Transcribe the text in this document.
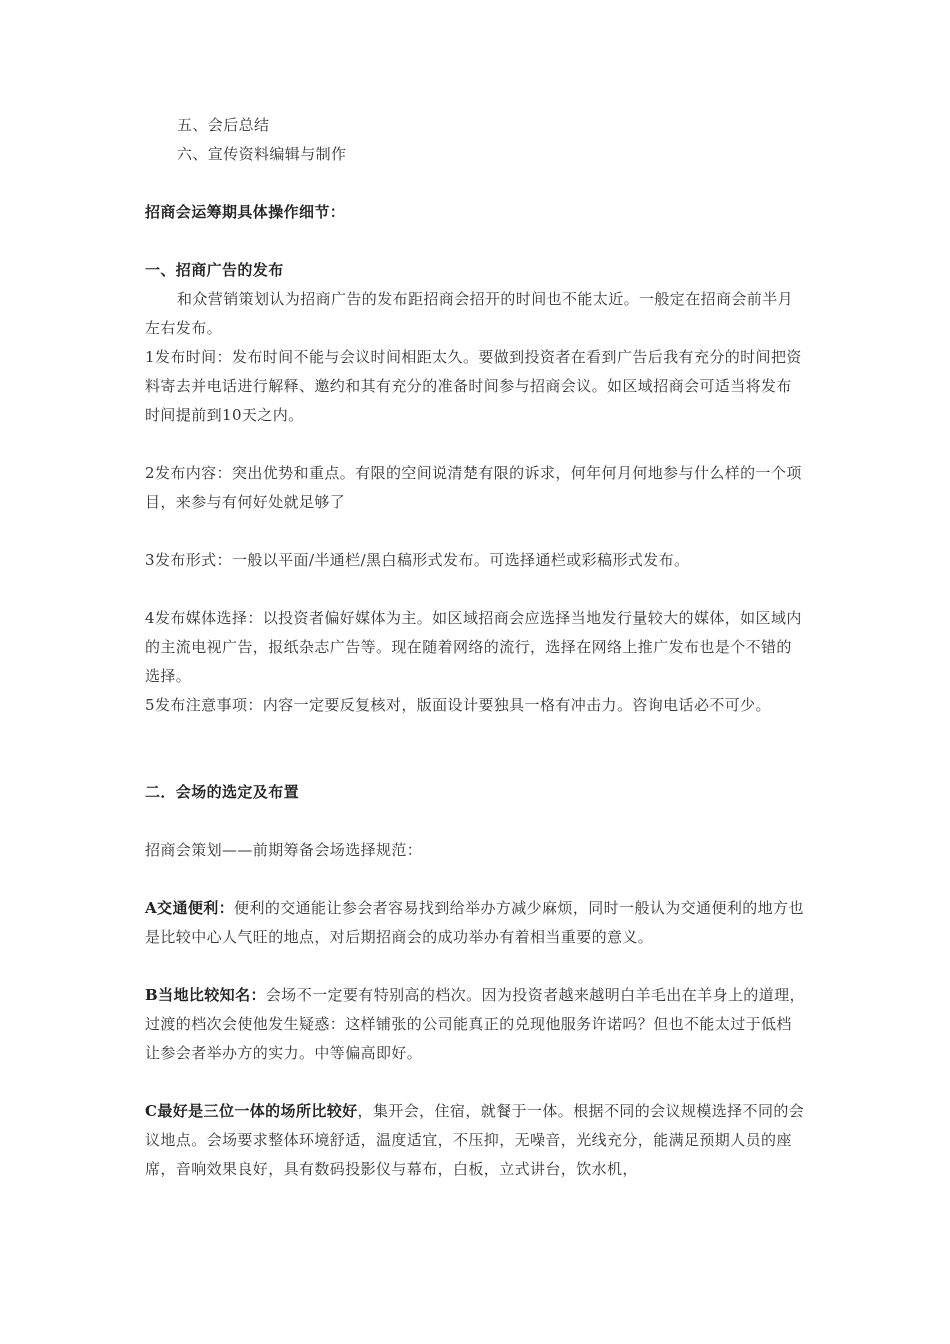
五、会后总结

六、宣传资料编辑与制作

招商会运筹期具体操作细节：

一、招商广告的发布

和众营销策划认为招商广告的发布距招商会招开的时间也不能太近。一般定在招商会前半月左右发布。

1发布时间：发布时间不能与会议时间相距太久。要做到投资者在看到广告后我有充分的时间把资料寄去并电话进行解释、邀约和其有充分的准备时间参与招商会议。如区域招商会可适当将发布时间提前到10天之内。

2发布内容：突出优势和重点。有限的空间说清楚有限的诉求，何年何月何地参与什么样的一个项目，来参与有何好处就足够了

3发布形式：一般以平面/半通栏/黑白稿形式发布。可选择通栏或彩稿形式发布。

4发布媒体选择：以投资者偏好媒体为主。如区域招商会应选择当地发行量较大的媒体，如区域内的主流电视广告，报纸杂志广告等。现在随着网络的流行，选择在网络上推广发布也是个不错的选择。

5发布注意事项：内容一定要反复核对，版面设计要独具一格有冲击力。咨询电话必不可少。

二．会场的选定及布置

招商会策划——前期筹备会场选择规范：

A交通便利：便利的交通能让参会者容易找到给举办方减少麻烦，同时一般认为交通便利的地方也是比较中心人气旺的地点，对后期招商会的成功举办有着相当重要的意义。

B当地比较知名：会场不一定要有特别高的档次。因为投资者越来越明白羊毛出在羊身上的道理，过渡的档次会使他发生疑惑：这样铺张的公司能真正的兑现他服务许诺吗？但也不能太过于低档让参会者举办方的实力。中等偏高即好。

C最好是三位一体的场所比较好，集开会，住宿，就餐于一体。根据不同的会议规模选择不同的会议地点。会场要求整体环境舒适，温度适宜，不压抑，无噪音，光线充分，能满足预期人员的座席，音响效果良好，具有数码投影仪与幕布，白板，立式讲台，饮水机，
